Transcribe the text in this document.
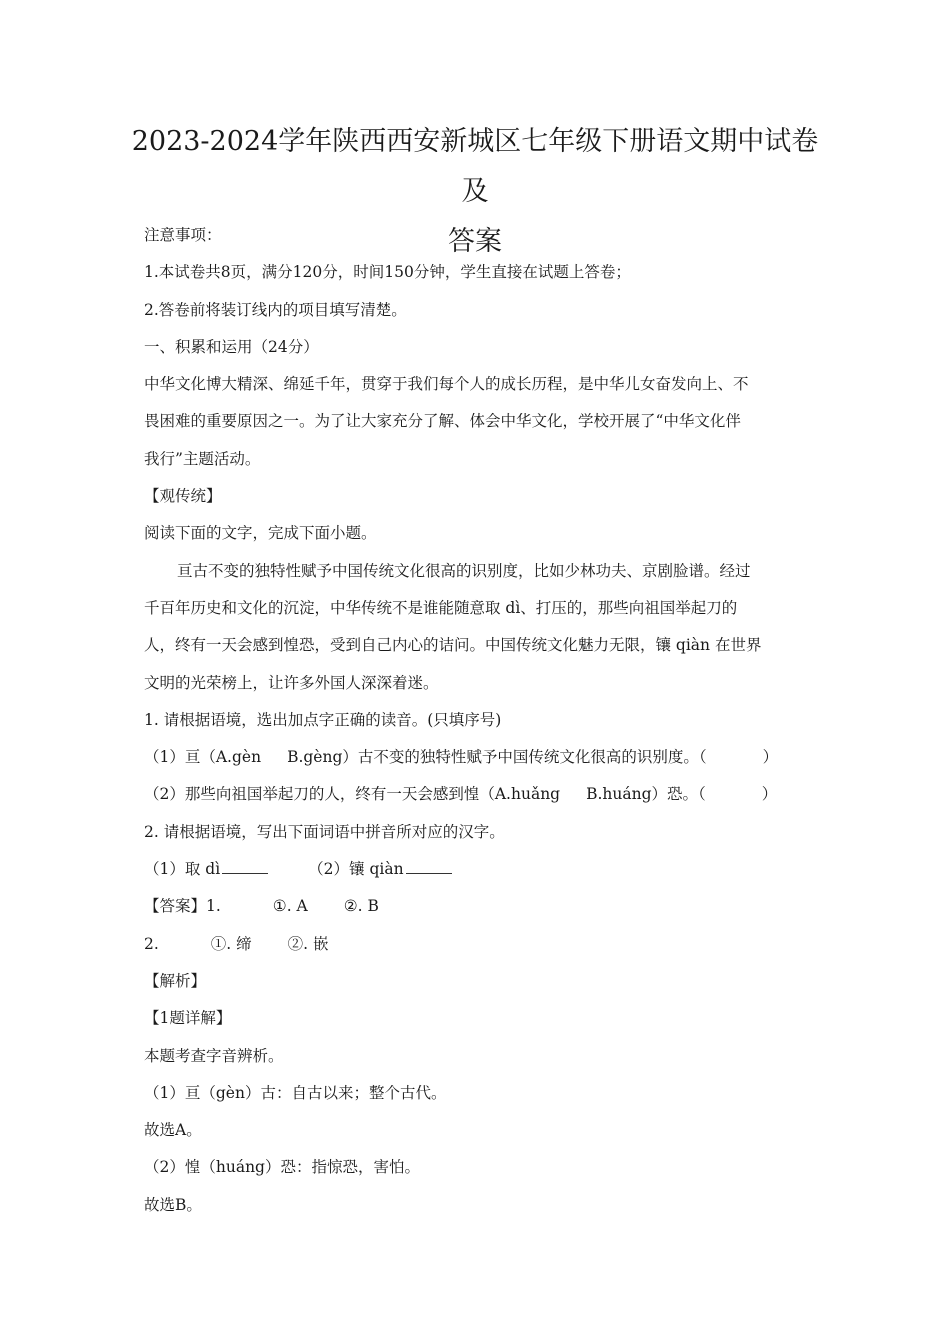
2023-2024学年陕西西安新城区七年级下册语文期中试卷及
答案
注意事项：
1.本试卷共8页，满分120分，时间150分钟，学生直接在试题上答卷；
2.答卷前将装订线内的项目填写清楚。
一、积累和运用（24分）
中华文化博大精深、绵延千年，贯穿于我们每个人的成长历程，是中华儿女奋发向上、不
畏困难的重要原因之一。为了让大家充分了解、体会中华文化，学校开展了“中华文化伴
我行”主题活动。
【观传统】
阅读下面的文字，完成下面小题。
亘古不变的独特性赋予中国传统文化很高的识别度，比如少林功夫、京剧脸谱。经过
千百年历史和文化的沉淀，中华传统不是谁能随意取 dì、打压的，那些向祖国举起刀的
人，终有一天会感到惶恐，受到自己内心的诘问。中国传统文化魅力无限，镶 qiàn 在世界
文明的光荣榜上，让许多外国人深深着迷。
1. 请根据语境，选出加点字正确的读音。(只填序号)
（1）亘（A.gèn B.gèng）古不变的独特性赋予中国传统文化很高的识别度。（	）
（2）那些向祖国举起刀的人，终有一天会感到惶（A.huǎng B.huáng）恐。（	）
2. 请根据语境，写出下面词语中拼音所对应的汉字。
（1）取 dì	（2）镶 qiàn
【答案】1.	①. A ②. B
2.	①. 缔 ②. 嵌
【解析】
【1题详解】
本题考查字音辨析。
（1）亘（gèn）古：自古以来；整个古代。
故选A。
（2）惶（huáng）恐：指惊恐，害怕。
故选B。
